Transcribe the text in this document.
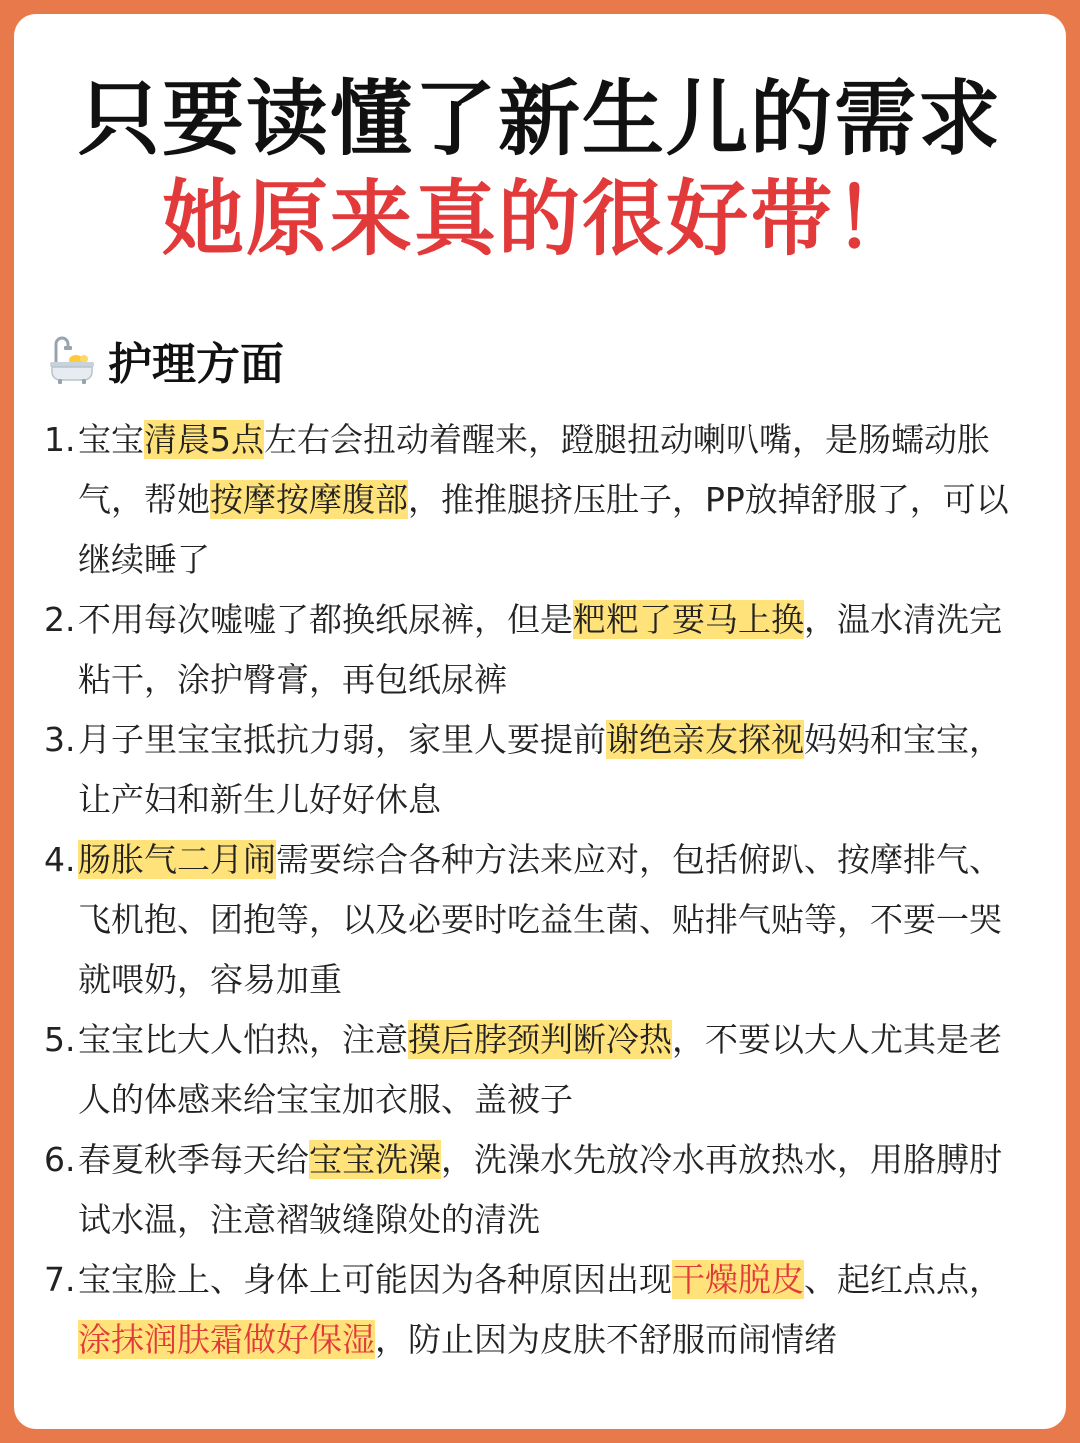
只要读懂了新生儿的需求
她原来真的很好带！
护理方面
1. 宝宝清晨5点左右会扭动着醒来，蹬腿扭动喇叭嘴，是肠蠕动胀气，帮她按摩按摩腹部，推推腿挤压肚子，PP放掉舒服了，可以继续睡了
2. 不用每次嘘嘘了都换纸尿裤，但是粑粑了要马上换，温水清洗完粘干，涂护臀膏，再包纸尿裤
3. 月子里宝宝抵抗力弱，家里人要提前谢绝亲友探视妈妈和宝宝，让产妇和新生儿好好休息
4. 肠胀气二月闹需要综合各种方法来应对，包括俯趴、按摩排气、飞机抱、团抱等，以及必要时吃益生菌、贴排气贴等，不要一哭就喂奶，容易加重
5. 宝宝比大人怕热，注意摸后脖颈判断冷热，不要以大人尤其是老人的体感来给宝宝加衣服、盖被子
6. 春夏秋季每天给宝宝洗澡，洗澡水先放冷水再放热水，用胳膊肘试水温，注意褶皱缝隙处的清洗
7. 宝宝脸上、身体上可能因为各种原因出现干燥脱皮、起红点点，涂抹润肤霜做好保湿，防止因为皮肤不舒服而闹情绪
